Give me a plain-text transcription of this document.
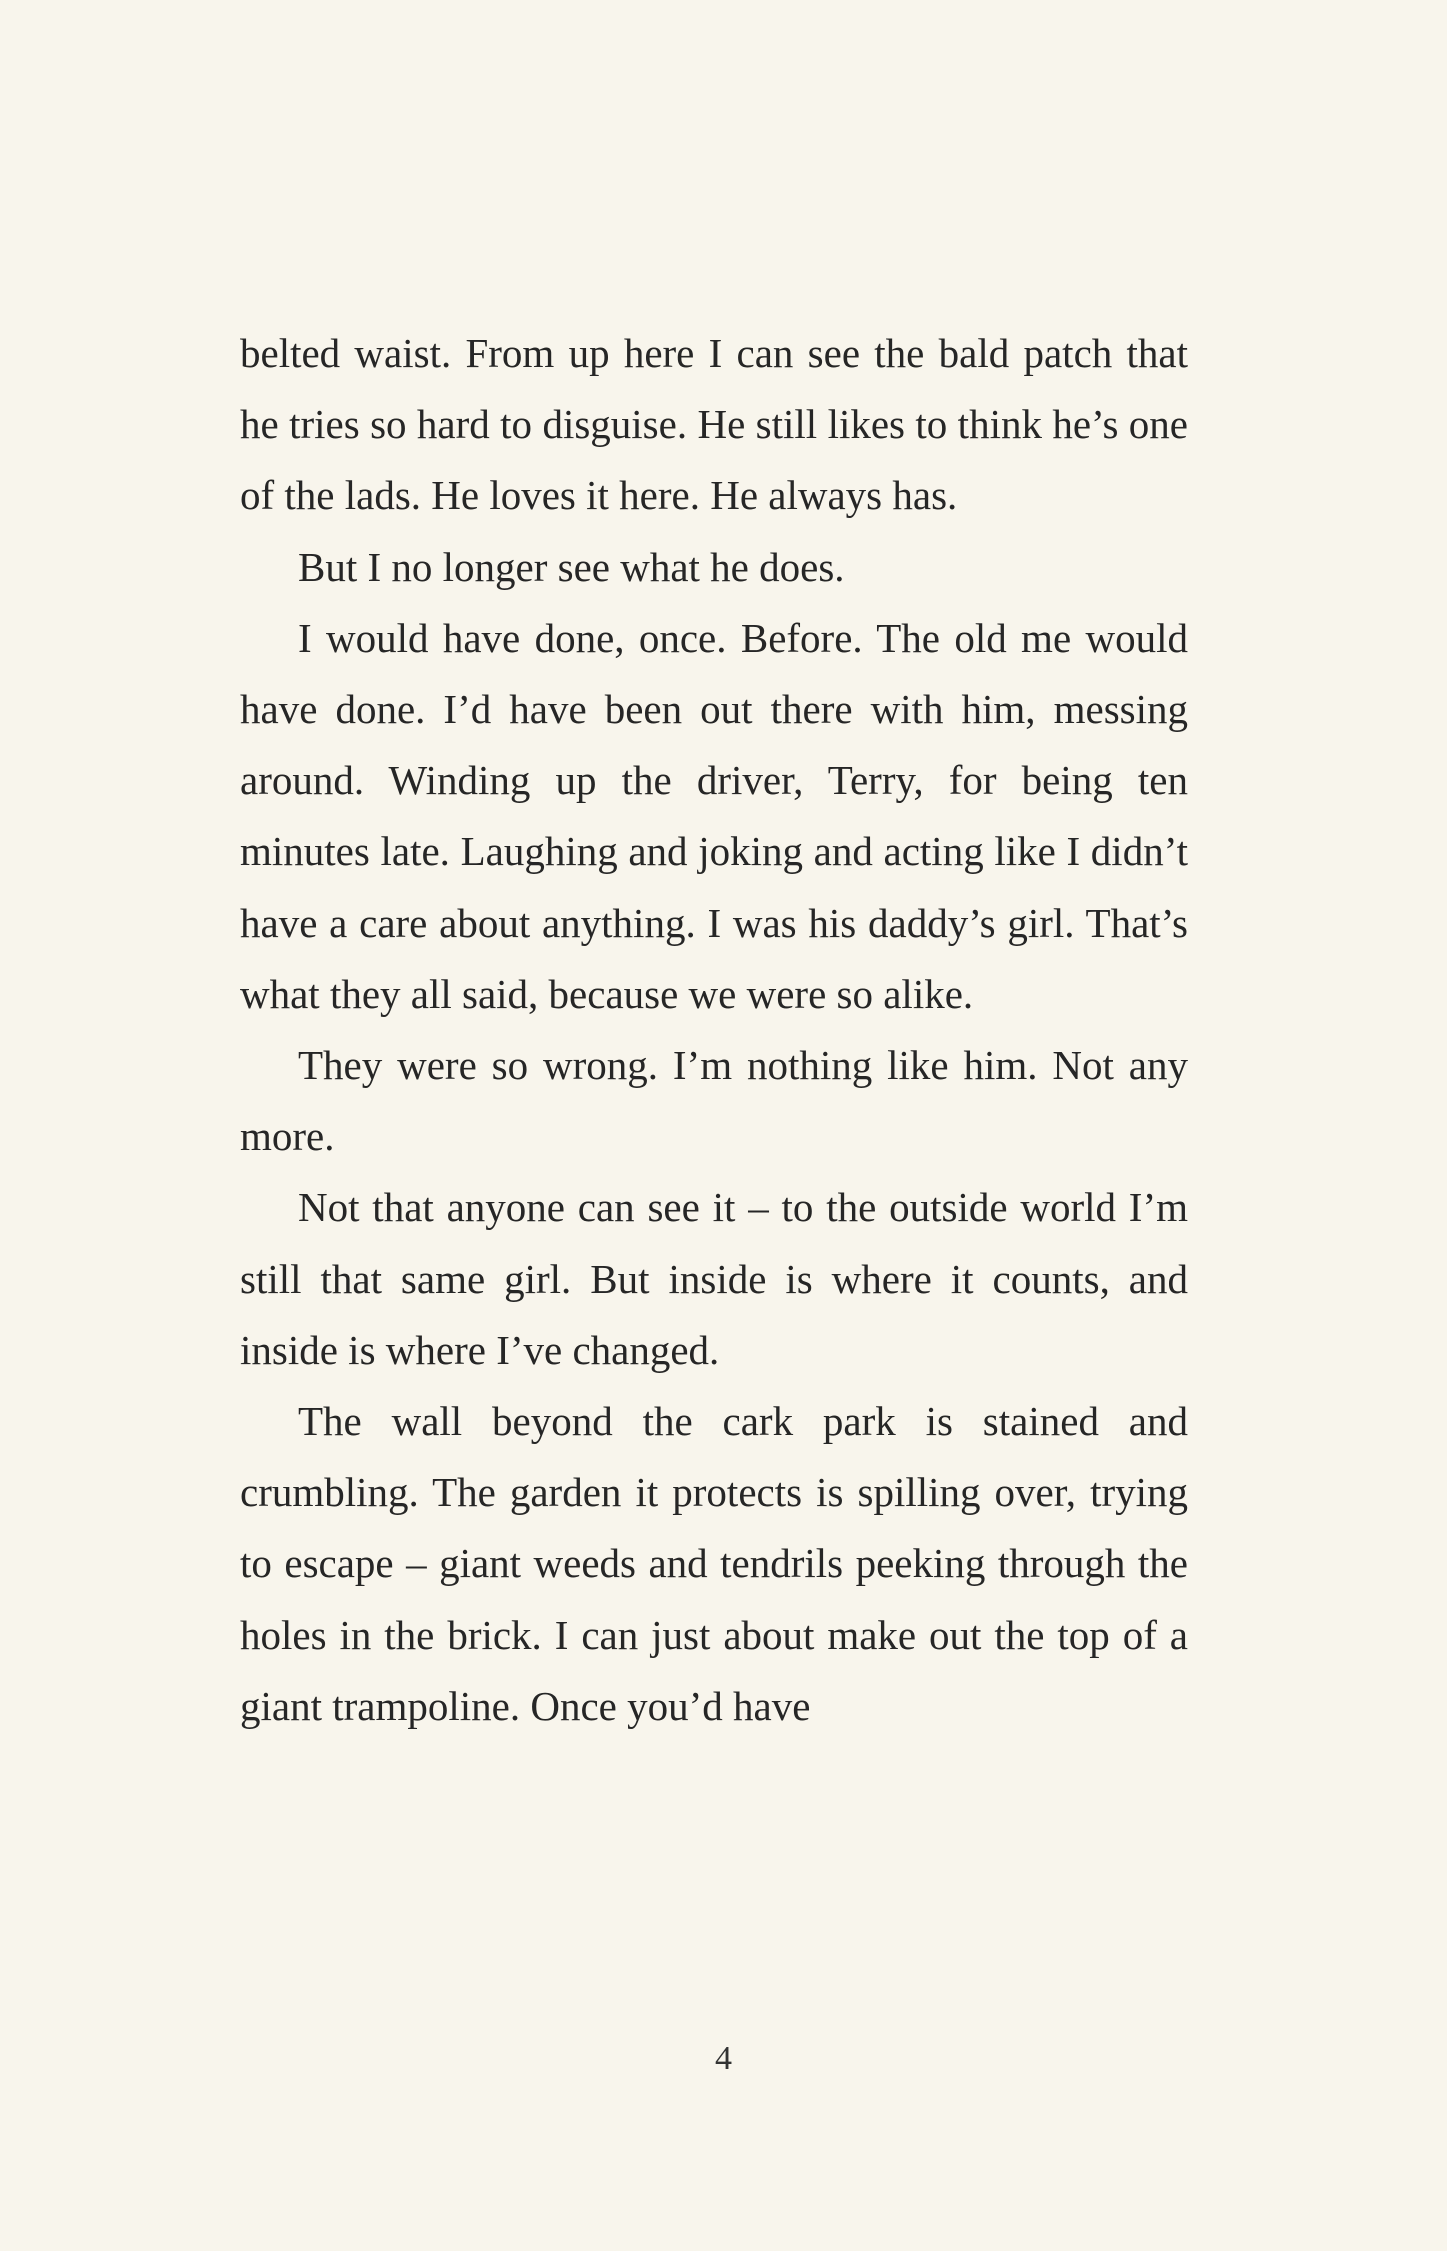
belted waist. From up here I can see the bald patch that he tries so hard to disguise. He still likes to think he’s one of the lads. He loves it here. He always has.

But I no longer see what he does.

I would have done, once. Before. The old me would have done. I’d have been out there with him, messing around. Winding up the driver, Terry, for being ten minutes late. Laughing and joking and acting like I didn’t have a care about anything. I was his daddy’s girl. That’s what they all said, because we were so alike.

They were so wrong. I’m nothing like him. Not any more.

Not that anyone can see it – to the outside world I’m still that same girl. But inside is where it counts, and inside is where I’ve changed.

The wall beyond the cark park is stained and crumbling. The garden it protects is spilling over, trying to escape – giant weeds and tendrils peeking through the holes in the brick. I can just about make out the top of a giant trampoline. Once you’d have

4
